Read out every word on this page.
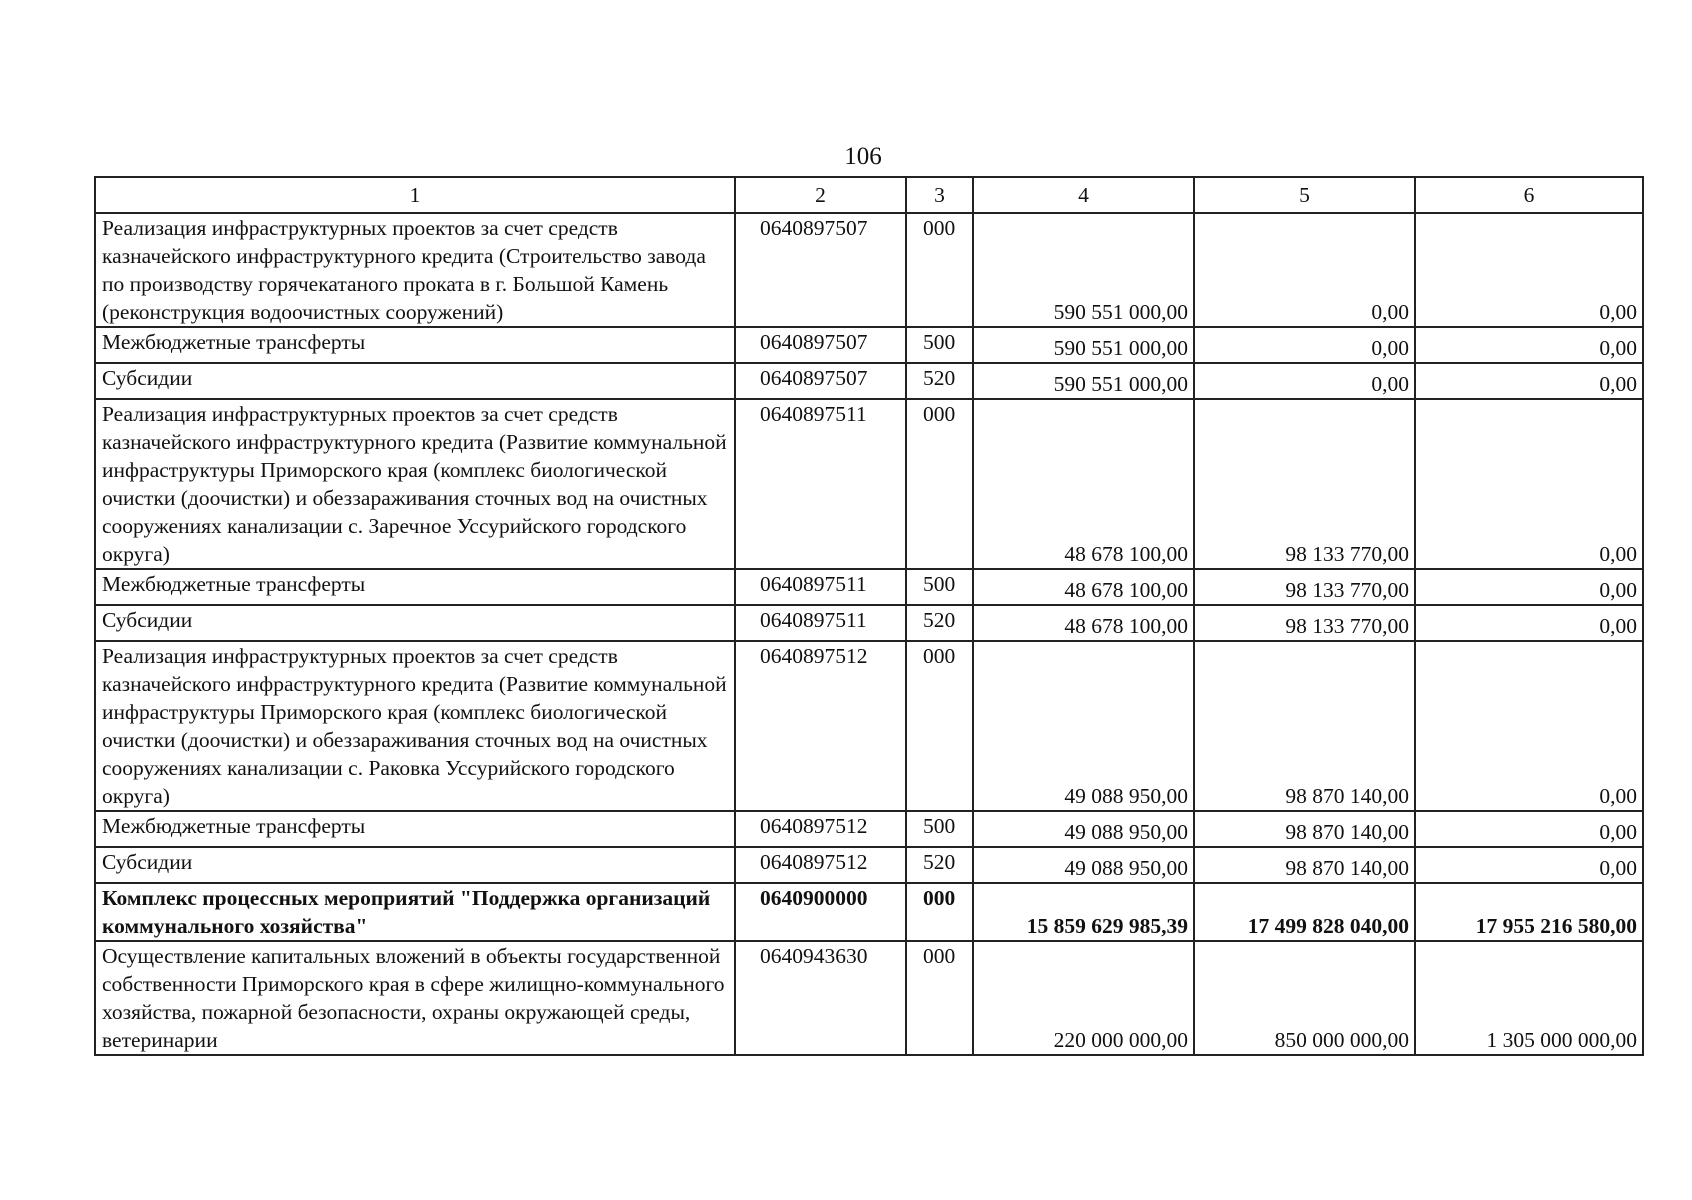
106
1	2	3	4	5	6
Реализация инфраструктурных проектов за счет средств казначейского инфраструктурного кредита (Строительство завода по производству горячекатаного проката в г. Большой Камень (реконструкция водоочистных сооружений)	0640897507	000	590 551 000,00	0,00	0,00
Межбюджетные трансферты	0640897507	500	590 551 000,00	0,00	0,00
Субсидии	0640897507	520	590 551 000,00	0,00	0,00
Реализация инфраструктурных проектов за счет средств казначейского инфраструктурного кредита (Развитие коммунальной инфраструктуры Приморского края (комплекс биологической очистки (доочистки) и обеззараживания сточных вод на очистных сооружениях канализации с. Заречное Уссурийского городского округа)	0640897511	000	48 678 100,00	98 133 770,00	0,00
Межбюджетные трансферты	0640897511	500	48 678 100,00	98 133 770,00	0,00
Субсидии	0640897511	520	48 678 100,00	98 133 770,00	0,00
Реализация инфраструктурных проектов за счет средств казначейского инфраструктурного кредита (Развитие коммунальной инфраструктуры Приморского края (комплекс биологической очистки (доочистки) и обеззараживания сточных вод на очистных сооружениях канализации с. Раковка Уссурийского городского округа)	0640897512	000	49 088 950,00	98 870 140,00	0,00
Межбюджетные трансферты	0640897512	500	49 088 950,00	98 870 140,00	0,00
Субсидии	0640897512	520	49 088 950,00	98 870 140,00	0,00
Комплекс процессных мероприятий "Поддержка организаций коммунального хозяйства"	0640900000	000	15 859 629 985,39	17 499 828 040,00	17 955 216 580,00
Осуществление капитальных вложений в объекты государственной собственности Приморского края в сфере жилищно-коммунального хозяйства, пожарной безопасности, охраны окружающей среды, ветеринарии	0640943630	000	220 000 000,00	850 000 000,00	1 305 000 000,00
